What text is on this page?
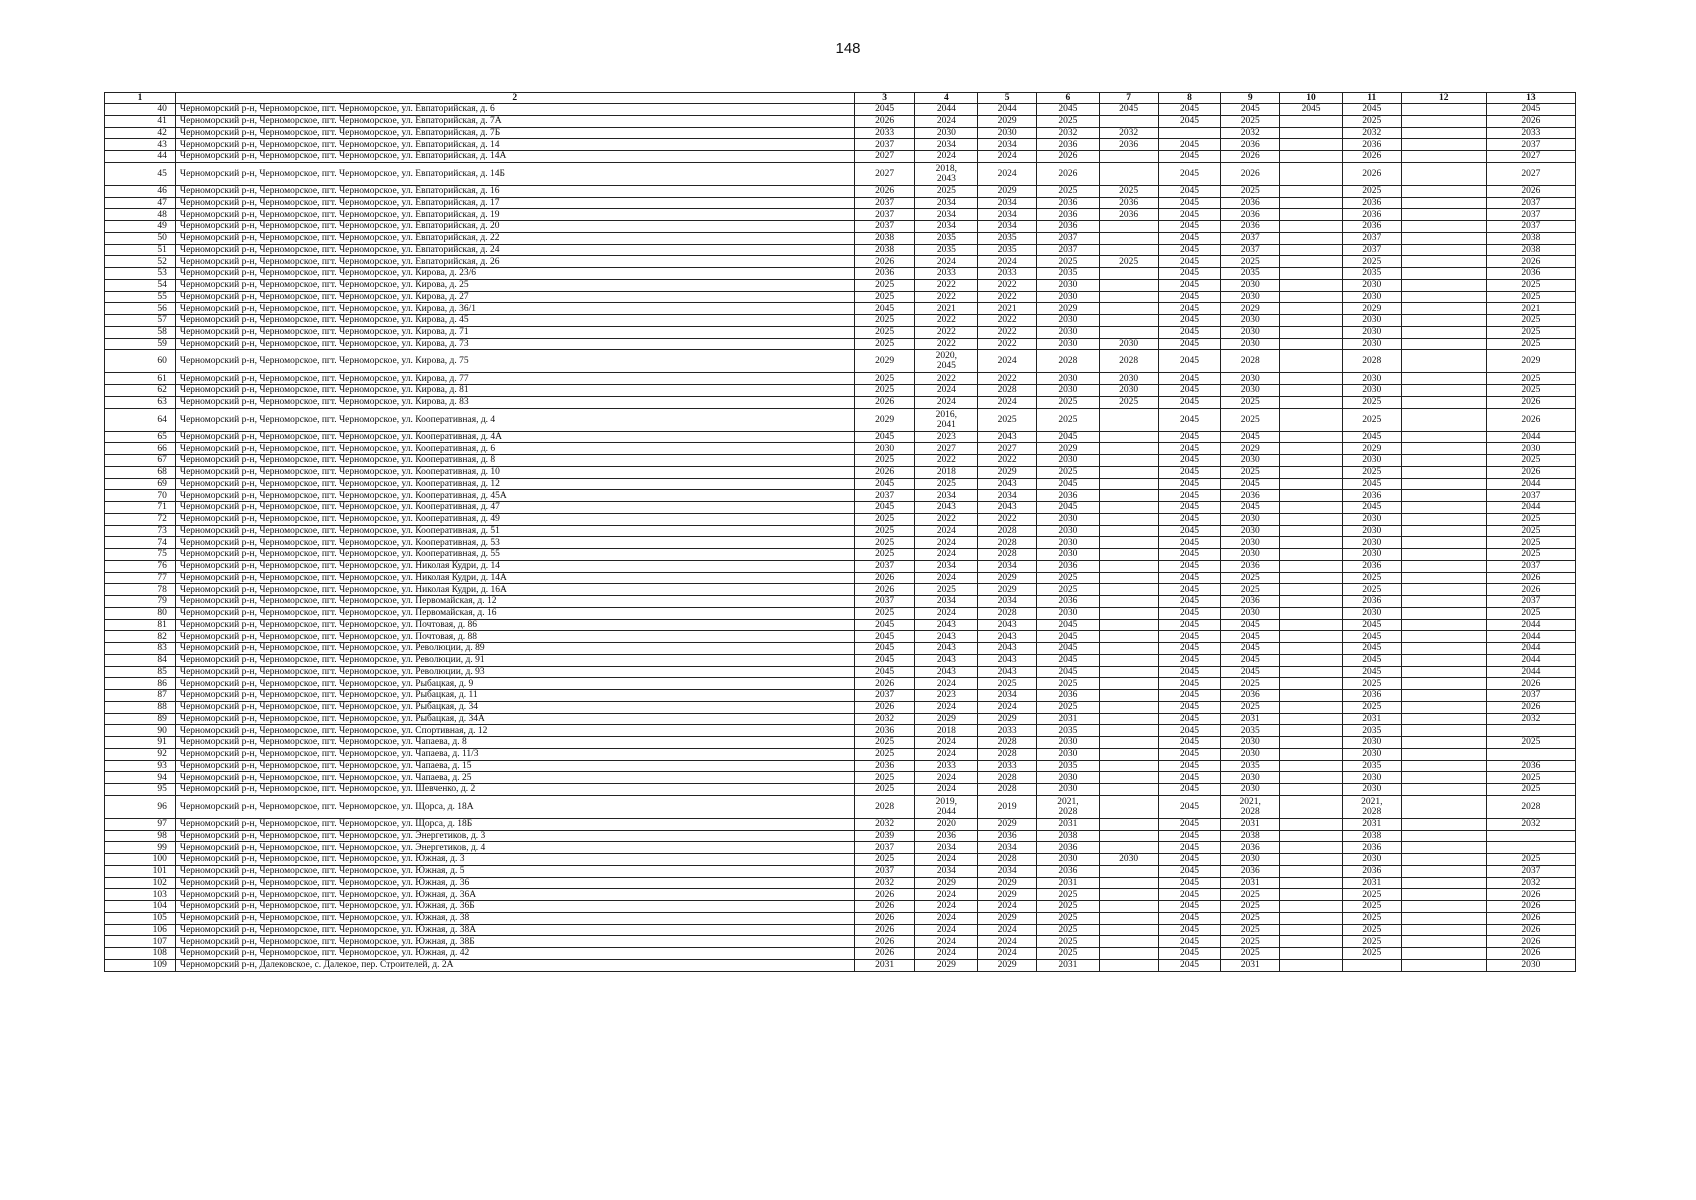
148
1	2	3	4	5	6	7	8	9	10	11	12	13
40	Черноморский р-н, Черноморское, пгт. Черноморское, ул. Евпаторийская, д. 6	2045	2044	2044	2045	2045	2045	2045	2045	2045		2045
41	Черноморский р-н, Черноморское, пгт. Черноморское, ул. Евпаторийская, д. 7А	2026	2024	2029	2025		2045	2025		2025		2026
42	Черноморский р-н, Черноморское, пгт. Черноморское, ул. Евпаторийская, д. 7Б	2033	2030	2030	2032	2032		2032		2032		2033
43	Черноморский р-н, Черноморское, пгт. Черноморское, ул. Евпаторийская, д. 14	2037	2034	2034	2036	2036	2045	2036		2036		2037
44	Черноморский р-н, Черноморское, пгт. Черноморское, ул. Евпаторийская, д. 14А	2027	2024	2024	2026		2045	2026		2026		2027
45	Черноморский р-н, Черноморское, пгт. Черноморское, ул. Евпаторийская, д. 14Б	2027	2018,
2043	2024	2026		2045	2026		2026		2027
46	Черноморский р-н, Черноморское, пгт. Черноморское, ул. Евпаторийская, д. 16	2026	2025	2029	2025	2025	2045	2025		2025		2026
47	Черноморский р-н, Черноморское, пгт. Черноморское, ул. Евпаторийская, д. 17	2037	2034	2034	2036	2036	2045	2036		2036		2037
48	Черноморский р-н, Черноморское, пгт. Черноморское, ул. Евпаторийская, д. 19	2037	2034	2034	2036	2036	2045	2036		2036		2037
49	Черноморский р-н, Черноморское, пгт. Черноморское, ул. Евпаторийская, д. 20	2037	2034	2034	2036		2045	2036		2036		2037
50	Черноморский р-н, Черноморское, пгт. Черноморское, ул. Евпаторийская, д. 22	2038	2035	2035	2037		2045	2037		2037		2038
51	Черноморский р-н, Черноморское, пгт. Черноморское, ул. Евпаторийская, д. 24	2038	2035	2035	2037		2045	2037		2037		2038
52	Черноморский р-н, Черноморское, пгт. Черноморское, ул. Евпаторийская, д. 26	2026	2024	2024	2025	2025	2045	2025		2025		2026
53	Черноморский р-н, Черноморское, пгт. Черноморское, ул. Кирова, д. 23/6	2036	2033	2033	2035		2045	2035		2035		2036
54	Черноморский р-н, Черноморское, пгт. Черноморское, ул. Кирова, д. 25	2025	2022	2022	2030		2045	2030		2030		2025
55	Черноморский р-н, Черноморское, пгт. Черноморское, ул. Кирова, д. 27	2025	2022	2022	2030		2045	2030		2030		2025
56	Черноморский р-н, Черноморское, пгт. Черноморское, ул. Кирова, д. 36/1	2045	2021	2021	2029		2045	2029		2029		2021
57	Черноморский р-н, Черноморское, пгт. Черноморское, ул. Кирова, д. 45	2025	2022	2022	2030		2045	2030		2030		2025
58	Черноморский р-н, Черноморское, пгт. Черноморское, ул. Кирова, д. 71	2025	2022	2022	2030		2045	2030		2030		2025
59	Черноморский р-н, Черноморское, пгт. Черноморское, ул. Кирова, д. 73	2025	2022	2022	2030	2030	2045	2030		2030		2025
60	Черноморский р-н, Черноморское, пгт. Черноморское, ул. Кирова, д. 75	2029	2020,
2045	2024	2028	2028	2045	2028		2028		2029
61	Черноморский р-н, Черноморское, пгт. Черноморское, ул. Кирова, д. 77	2025	2022	2022	2030	2030	2045	2030		2030		2025
62	Черноморский р-н, Черноморское, пгт. Черноморское, ул. Кирова, д. 81	2025	2024	2028	2030	2030	2045	2030		2030		2025
63	Черноморский р-н, Черноморское, пгт. Черноморское, ул. Кирова, д. 83	2026	2024	2024	2025	2025	2045	2025		2025		2026
64	Черноморский р-н, Черноморское, пгт. Черноморское, ул. Кооперативная, д. 4	2029	2016,
2041	2025	2025		2045	2025		2025		2026
65	Черноморский р-н, Черноморское, пгт. Черноморское, ул. Кооперативная, д. 4А	2045	2023	2043	2045		2045	2045		2045		2044
66	Черноморский р-н, Черноморское, пгт. Черноморское, ул. Кооперативная, д. 6	2030	2027	2027	2029		2045	2029		2029		2030
67	Черноморский р-н, Черноморское, пгт. Черноморское, ул. Кооперативная, д. 8	2025	2022	2022	2030		2045	2030		2030		2025
68	Черноморский р-н, Черноморское, пгт. Черноморское, ул. Кооперативная, д. 10	2026	2018	2029	2025		2045	2025		2025		2026
69	Черноморский р-н, Черноморское, пгт. Черноморское, ул. Кооперативная, д. 12	2045	2025	2043	2045		2045	2045		2045		2044
70	Черноморский р-н, Черноморское, пгт. Черноморское, ул. Кооперативная, д. 45А	2037	2034	2034	2036		2045	2036		2036		2037
71	Черноморский р-н, Черноморское, пгт. Черноморское, ул. Кооперативная, д. 47	2045	2043	2043	2045		2045	2045		2045		2044
72	Черноморский р-н, Черноморское, пгт. Черноморское, ул. Кооперативная, д. 49	2025	2022	2022	2030		2045	2030		2030		2025
73	Черноморский р-н, Черноморское, пгт. Черноморское, ул. Кооперативная, д. 51	2025	2024	2028	2030		2045	2030		2030		2025
74	Черноморский р-н, Черноморское, пгт. Черноморское, ул. Кооперативная, д. 53	2025	2024	2028	2030		2045	2030		2030		2025
75	Черноморский р-н, Черноморское, пгт. Черноморское, ул. Кооперативная, д. 55	2025	2024	2028	2030		2045	2030		2030		2025
76	Черноморский р-н, Черноморское, пгт. Черноморское, ул. Николая Кудри, д. 14	2037	2034	2034	2036		2045	2036		2036		2037
77	Черноморский р-н, Черноморское, пгт. Черноморское, ул. Николая Кудри, д. 14А	2026	2024	2029	2025		2045	2025		2025		2026
78	Черноморский р-н, Черноморское, пгт. Черноморское, ул. Николая Кудри, д. 16А	2026	2025	2029	2025		2045	2025		2025		2026
79	Черноморский р-н, Черноморское, пгт. Черноморское, ул. Первомайская, д. 12	2037	2034	2034	2036		2045	2036		2036		2037
80	Черноморский р-н, Черноморское, пгт. Черноморское, ул. Первомайская, д. 16	2025	2024	2028	2030		2045	2030		2030		2025
81	Черноморский р-н, Черноморское, пгт. Черноморское, ул. Почтовая, д. 86	2045	2043	2043	2045		2045	2045		2045		2044
82	Черноморский р-н, Черноморское, пгт. Черноморское, ул. Почтовая, д. 88	2045	2043	2043	2045		2045	2045		2045		2044
83	Черноморский р-н, Черноморское, пгт. Черноморское, ул. Революции, д. 89	2045	2043	2043	2045		2045	2045		2045		2044
84	Черноморский р-н, Черноморское, пгт. Черноморское, ул. Революции, д. 91	2045	2043	2043	2045		2045	2045		2045		2044
85	Черноморский р-н, Черноморское, пгт. Черноморское, ул. Революции, д. 93	2045	2043	2043	2045		2045	2045		2045		2044
86	Черноморский р-н, Черноморское, пгт. Черноморское, ул. Рыбацкая, д. 9	2026	2024	2025	2025		2045	2025		2025		2026
87	Черноморский р-н, Черноморское, пгт. Черноморское, ул. Рыбацкая, д. 11	2037	2023	2034	2036		2045	2036		2036		2037
88	Черноморский р-н, Черноморское, пгт. Черноморское, ул. Рыбацкая, д. 34	2026	2024	2024	2025		2045	2025		2025		2026
89	Черноморский р-н, Черноморское, пгт. Черноморское, ул. Рыбацкая, д. 34А	2032	2029	2029	2031		2045	2031		2031		2032
90	Черноморский р-н, Черноморское, пгт. Черноморское, ул. Спортивная, д. 12	2036	2018	2033	2035		2045	2035		2035		
91	Черноморский р-н, Черноморское, пгт. Черноморское, ул. Чапаева, д. 8	2025	2024	2028	2030		2045	2030		2030		2025
92	Черноморский р-н, Черноморское, пгт. Черноморское, ул. Чапаева, д. 11/3	2025	2024	2028	2030		2045	2030		2030		
93	Черноморский р-н, Черноморское, пгт. Черноморское, ул. Чапаева, д. 15	2036	2033	2033	2035		2045	2035		2035		2036
94	Черноморский р-н, Черноморское, пгт. Черноморское, ул. Чапаева, д. 25	2025	2024	2028	2030		2045	2030		2030		2025
95	Черноморский р-н, Черноморское, пгт. Черноморское, ул. Шевченко, д. 2	2025	2024	2028	2030		2045	2030		2030		2025
96	Черноморский р-н, Черноморское, пгт. Черноморское, ул. Щорса, д. 18А	2028	2019,
2044	2019	2021,
2028		2045	2021,
2028		2021,
2028		2028
97	Черноморский р-н, Черноморское, пгт. Черноморское, ул. Щорса, д. 18Б	2032	2020	2029	2031		2045	2031		2031		2032
98	Черноморский р-н, Черноморское, пгт. Черноморское, ул. Энергетиков, д. 3	2039	2036	2036	2038		2045	2038		2038		
99	Черноморский р-н, Черноморское, пгт. Черноморское, ул. Энергетиков, д. 4	2037	2034	2034	2036		2045	2036		2036		
100	Черноморский р-н, Черноморское, пгт. Черноморское, ул. Южная, д. 3	2025	2024	2028	2030	2030	2045	2030		2030		2025
101	Черноморский р-н, Черноморское, пгт. Черноморское, ул. Южная, д. 5	2037	2034	2034	2036		2045	2036		2036		2037
102	Черноморский р-н, Черноморское, пгт. Черноморское, ул. Южная, д. 36	2032	2029	2029	2031		2045	2031		2031		2032
103	Черноморский р-н, Черноморское, пгт. Черноморское, ул. Южная, д. 36А	2026	2024	2029	2025		2045	2025		2025		2026
104	Черноморский р-н, Черноморское, пгт. Черноморское, ул. Южная, д. 36Б	2026	2024	2024	2025		2045	2025		2025		2026
105	Черноморский р-н, Черноморское, пгт. Черноморское, ул. Южная, д. 38	2026	2024	2029	2025		2045	2025		2025		2026
106	Черноморский р-н, Черноморское, пгт. Черноморское, ул. Южная, д. 38А	2026	2024	2024	2025		2045	2025		2025		2026
107	Черноморский р-н, Черноморское, пгт. Черноморское, ул. Южная, д. 38Б	2026	2024	2024	2025		2045	2025		2025		2026
108	Черноморский р-н, Черноморское, пгт. Черноморское, ул. Южная, д. 42	2026	2024	2024	2025		2045	2025		2025		2026
109	Черноморский р-н, Далековское, с. Далекое, пер. Строителей, д. 2А	2031	2029	2029	2031		2045	2031				2030
